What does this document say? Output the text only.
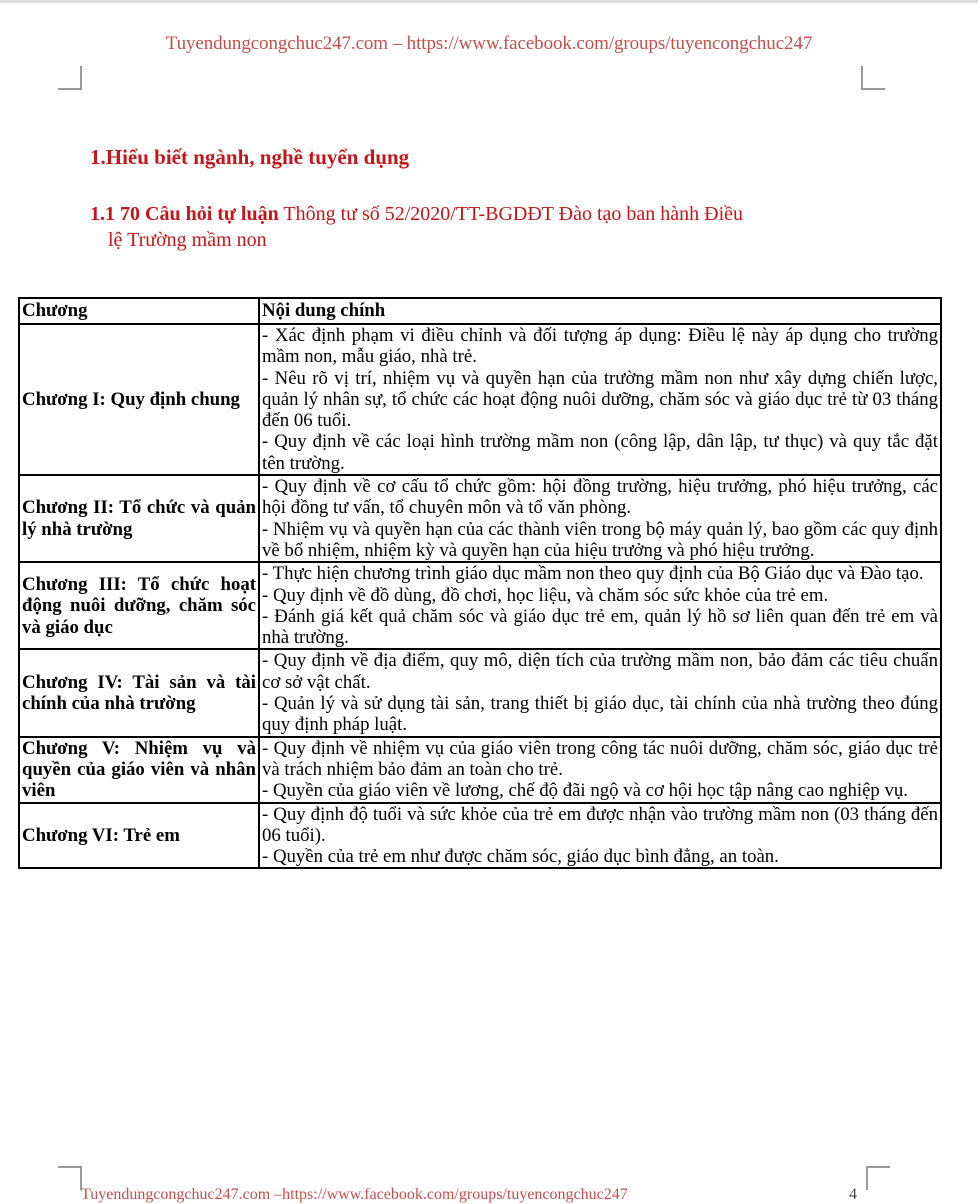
Tuyendungcongchuc247.com – https://www.facebook.com/groups/tuyencongchuc247
1.Hiểu biết ngành, nghề tuyển dụng
1.1 70 Câu hỏi tự luận Thông tư số 52/2020/TT-BGDĐT Đào tạo ban hành Điều
lệ Trường mầm non
Chương	Nội dung chính
Chương I: Quy định chung	- Xác định phạm vi điều chỉnh và đối tượng áp dụng: Điều lệ này áp dụng cho trường mầm non, mẫu giáo, nhà trẻ.
- Nêu rõ vị trí, nhiệm vụ và quyền hạn của trường mầm non như xây dựng chiến lược, quản lý nhân sự, tổ chức các hoạt động nuôi dưỡng, chăm sóc và giáo dục trẻ từ 03 tháng đến 06 tuổi.
- Quy định về các loại hình trường mầm non (công lập, dân lập, tư thục) và quy tắc đặt tên trường.

Chương II: Tổ chức và quản lý nhà trường	- Quy định về cơ cấu tổ chức gồm: hội đồng trường, hiệu trưởng, phó hiệu trưởng, các hội đồng tư vấn, tổ chuyên môn và tổ văn phòng.
- Nhiệm vụ và quyền hạn của các thành viên trong bộ máy quản lý, bao gồm các quy định về bổ nhiệm, nhiệm kỳ và quyền hạn của hiệu trưởng và phó hiệu trưởng.

Chương III: Tổ chức hoạt động nuôi dưỡng, chăm sóc và giáo dục	- Thực hiện chương trình giáo dục mầm non theo quy định của Bộ Giáo dục và Đào tạo.
- Quy định về đồ dùng, đồ chơi, học liệu, và chăm sóc sức khỏe của trẻ em.
- Đánh giá kết quả chăm sóc và giáo dục trẻ em, quản lý hồ sơ liên quan đến trẻ em và nhà trường.

Chương IV: Tài sản và tài chính của nhà trường	- Quy định về địa điểm, quy mô, diện tích của trường mầm non, bảo đảm các tiêu chuẩn cơ sở vật chất.
- Quản lý và sử dụng tài sản, trang thiết bị giáo dục, tài chính của nhà trường theo đúng quy định pháp luật.

Chương V: Nhiệm vụ và quyền của giáo viên và nhân viên	- Quy định về nhiệm vụ của giáo viên trong công tác nuôi dưỡng, chăm sóc, giáo dục trẻ và trách nhiệm bảo đảm an toàn cho trẻ.
- Quyền của giáo viên về lương, chế độ đãi ngộ và cơ hội học tập nâng cao nghiệp vụ.

Chương VI: Trẻ em	- Quy định độ tuổi và sức khỏe của trẻ em được nhận vào trường mầm non (03 tháng đến 06 tuổi).
- Quyền của trẻ em như được chăm sóc, giáo dục bình đẳng, an toàn.
Tuyendungcongchuc247.com –https://www.facebook.com/groups/tuyencongchuc247	4
